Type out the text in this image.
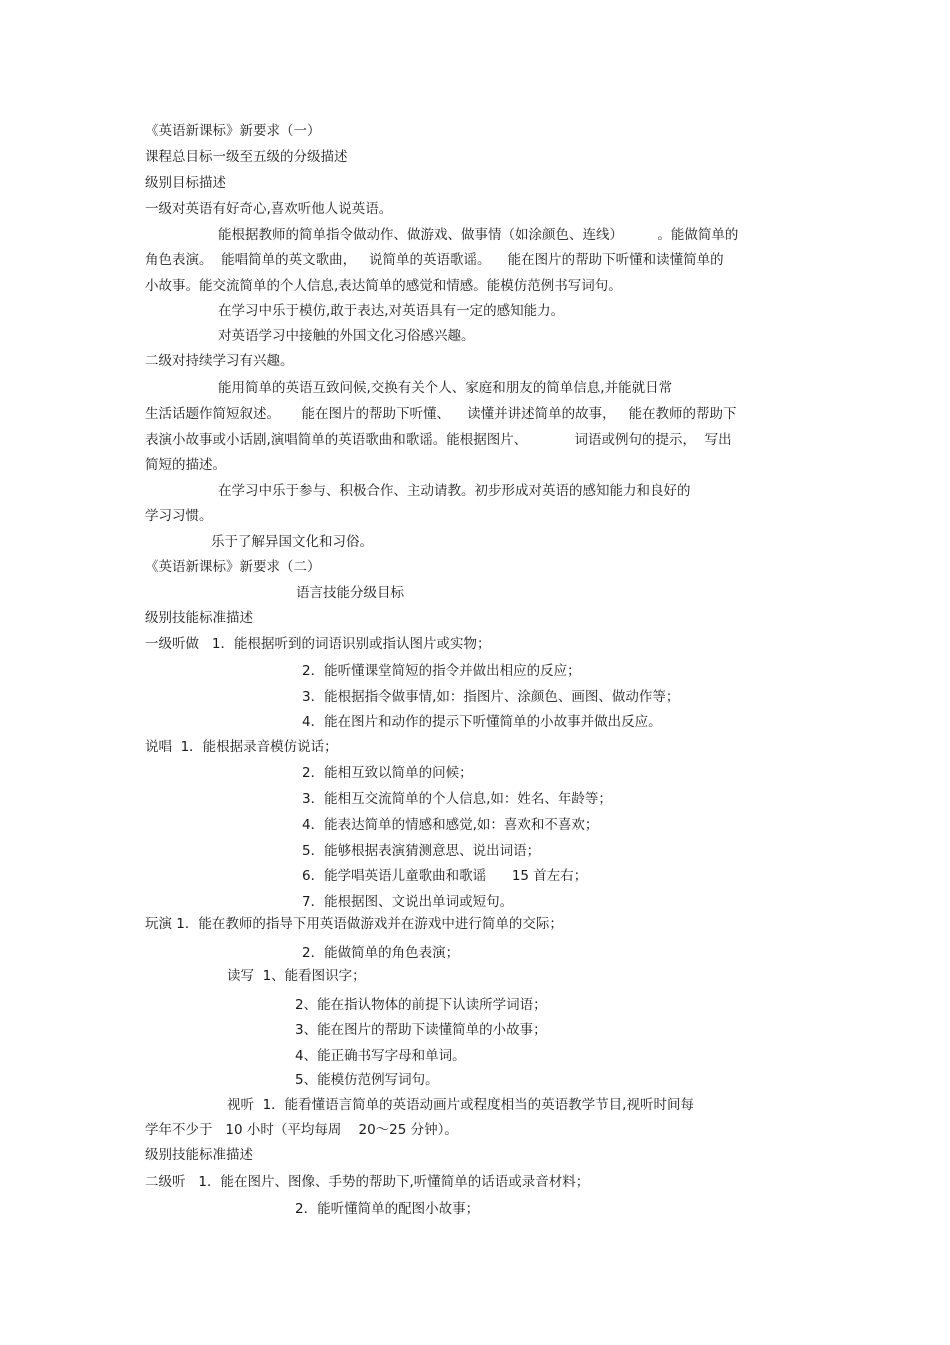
《英语新课标》新要求（一）
课程总目标一级至五级的分级描述
级别目标描述
一级对英语有好奇心,喜欢听他人说英语。
能根据教师的简单指令做动作、做游戏、做事情（如涂颜色、连线）        。能做简单的
角色表演。  能唱简单的英文歌曲，   说简单的英语歌谣。    能在图片的帮助下听懂和读懂简单的
小故事。能交流简单的个人信息,表达简单的感觉和情感。能模仿范例书写词句。
在学习中乐于模仿,敢于表达,对英语具有一定的感知能力。
对英语学习中接触的外国文化习俗感兴趣。
二级对持续学习有兴趣。
能用简单的英语互致问候,交换有关个人、家庭和朋友的简单信息,并能就日常
生活话题作简短叙述。     能在图片的帮助下听懂、    读懂并讲述简单的故事，   能在教师的帮助下
表演小故事或小话剧,演唱简单的英语歌曲和歌谣。能根据图片、           词语或例句的提示，  写出
简短的描述。
在学习中乐于参与、积极合作、主动请教。初步形成对英语的感知能力和良好的
学习习惯。
乐于了解异国文化和习俗。
《英语新课标》新要求（二）
语言技能分级目标
级别技能标准描述
一级听做   1．能根据听到的词语识别或指认图片或实物；
2．能听懂课堂简短的指令并做出相应的反应；
3．能根据指令做事情,如：指图片、涂颜色、画图、做动作等；
4．能在图片和动作的提示下听懂简单的小故事并做出反应。
说唱  1．能根据录音模仿说话；
2．能相互致以简单的问候；
3．能相互交流简单的个人信息,如：姓名、年龄等；
4．能表达简单的情感和感觉,如：喜欢和不喜欢；
5．能够根据表演猜测意思、说出词语；
6．能学唱英语儿童歌曲和歌谣      15 首左右；
7．能根据图、文说出单词或短句。
玩演 1．能在教师的指导下用英语做游戏并在游戏中进行简单的交际；
2．能做简单的角色表演；
读写  1、能看图识字；
2、能在指认物体的前提下认读所学词语；
3、能在图片的帮助下读懂简单的小故事；
4、能正确书写字母和单词。
5、能模仿范例写词句。
视听  1．能看懂语言简单的英语动画片或程度相当的英语教学节目,视听时间每
学年不少于   10 小时（平均每周    20～25 分钟）。
级别技能标准描述
二级听   1．能在图片、图像、手势的帮助下,听懂简单的话语或录音材料；
2．能听懂简单的配图小故事；
